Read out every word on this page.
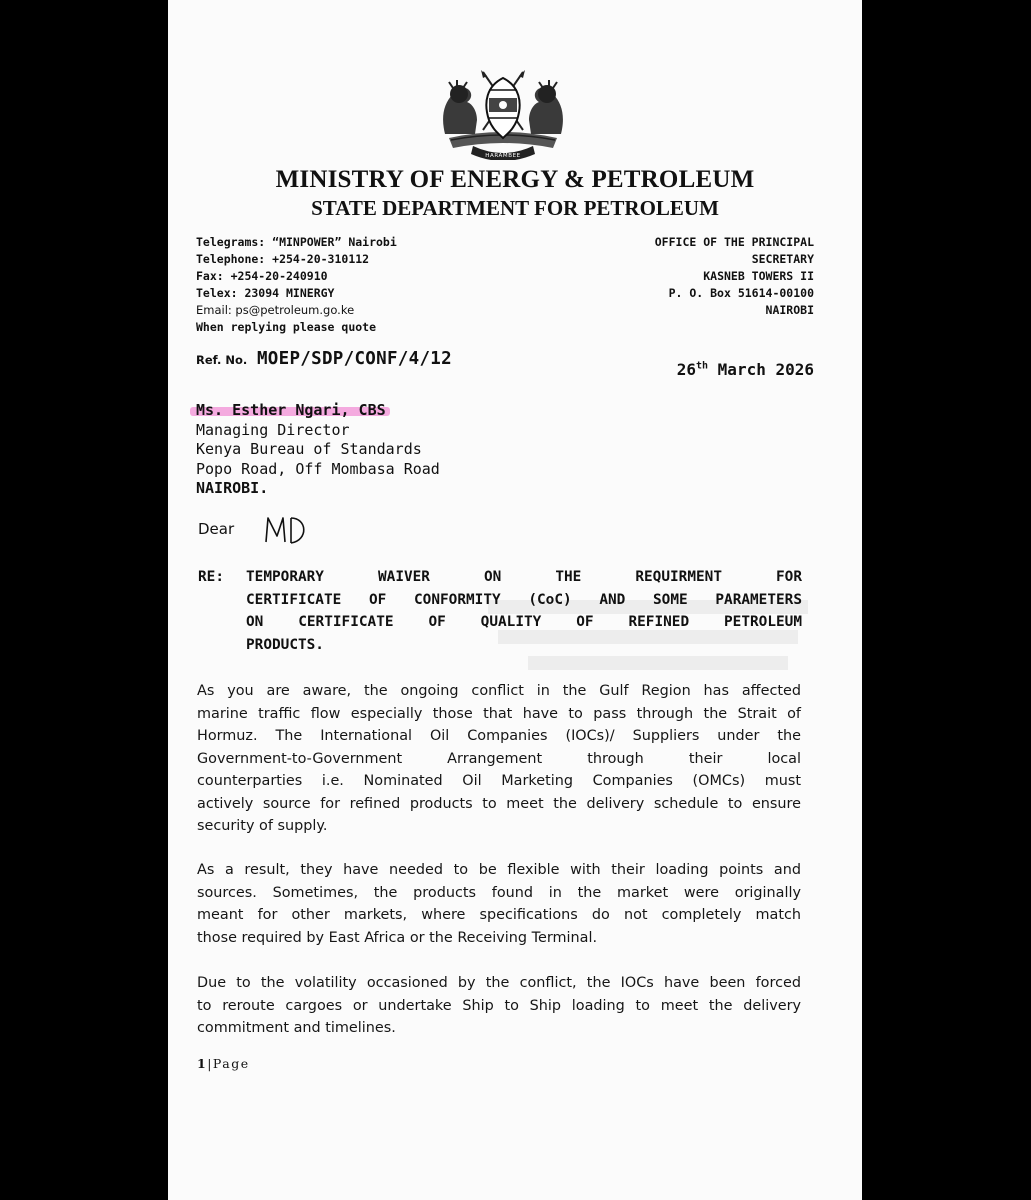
HARAMBEE
MINISTRY OF ENERGY & PETROLEUM
STATE DEPARTMENT FOR PETROLEUM
Telegrams: “MINPOWER” Nairobi
Telephone: +254-20-310112
Fax: +254-20-240910
Telex: 23094 MINERGY
Email: ps@petroleum.go.ke
When replying please quote
OFFICE OF THE PRINCIPAL
SECRETARY
KASNEB TOWERS II
P. O. Box 51614-00100
NAIROBI
Ref. No. MOEP/SDP/CONF/4/12
26th March 2026
Ms. Esther Ngari, CBS
Managing Director
Kenya Bureau of Standards
Popo Road, Off Mombasa Road
NAIROBI.
Dear
RE: TEMPORARY WAIVER ON THE REQUIRMENT FOR
CERTIFICATE OF CONFORMITY (CoC) AND SOME PARAMETERS
ON CERTIFICATE OF QUALITY OF REFINED PETROLEUM
PRODUCTS.
As you are aware, the ongoing conflict in the Gulf Region has affected
marine traffic flow especially those that have to pass through the Strait of
Hormuz. The International Oil Companies (IOCs)/ Suppliers under the
Government-to-Government Arrangement through their local
counterparties i.e. Nominated Oil Marketing Companies (OMCs) must
actively source for refined products to meet the delivery schedule to ensure
security of supply.
As a result, they have needed to be flexible with their loading points and
sources. Sometimes, the products found in the market were originally
meant for other markets, where specifications do not completely match
those required by East Africa or the Receiving Terminal.
Due to the volatility occasioned by the conflict, the IOCs have been forced
to reroute cargoes or undertake Ship to Ship loading to meet the delivery
commitment and timelines.
1|Page
